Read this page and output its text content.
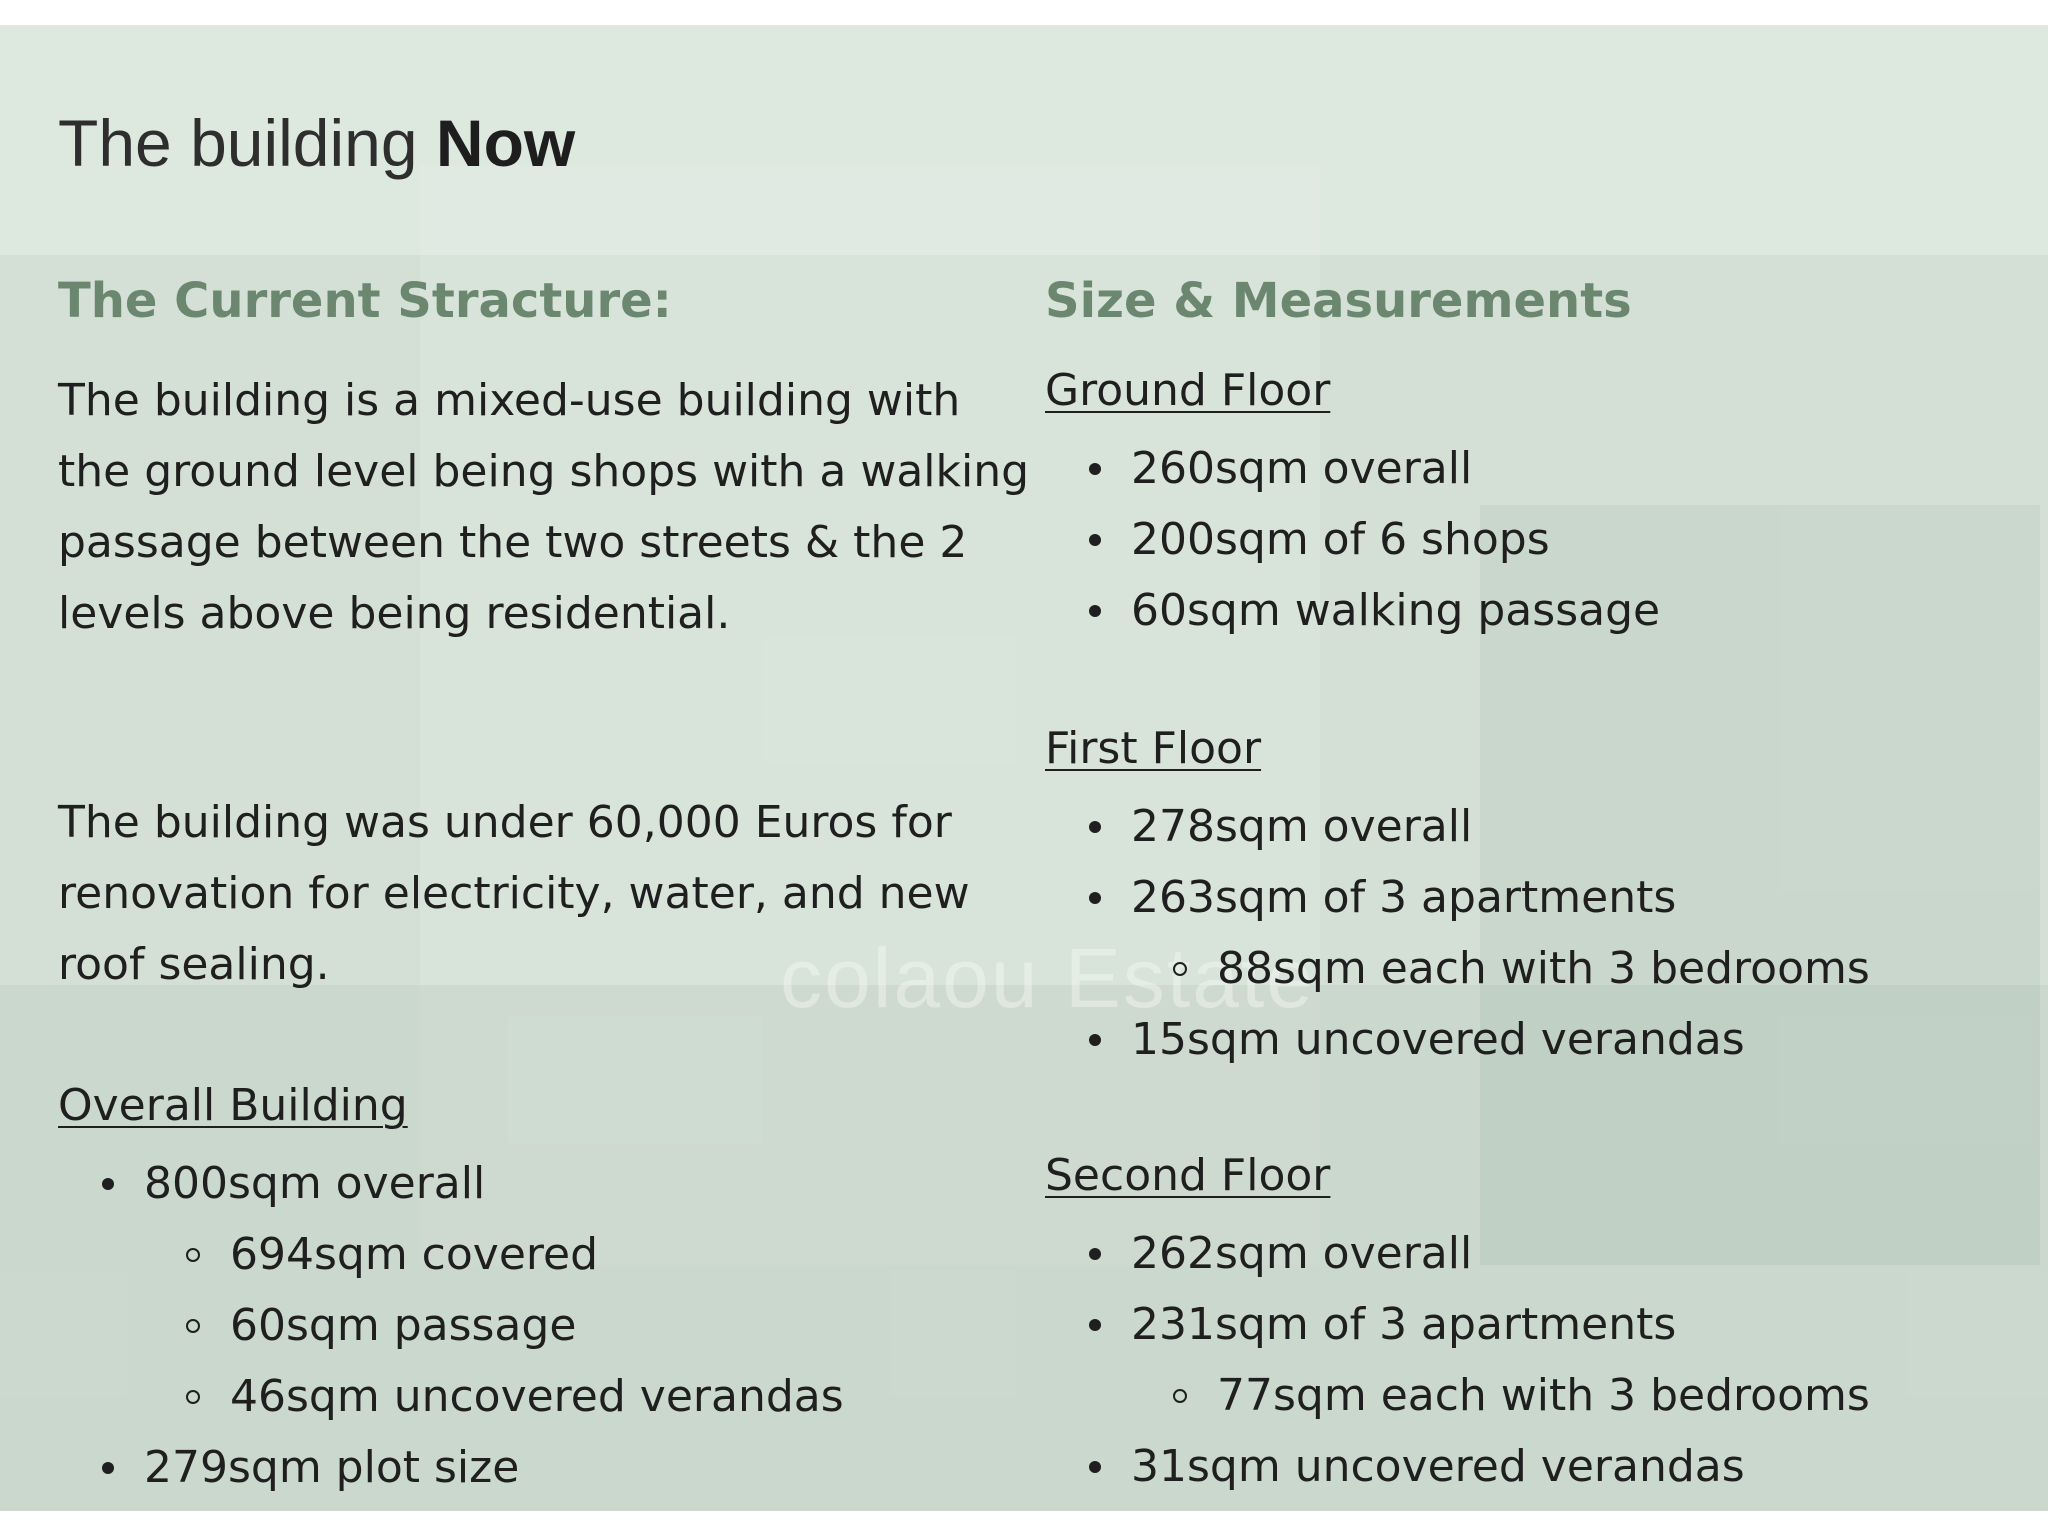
colaou Estate
The building Now
The Current Stracture:
The building is a mixed-use building with the ground level being shops with a walking passage between the two streets & the 2 levels above being residential.
The building was under 60,000 Euros for renovation for electricity, water, and new roof sealing.
Overall Building
800sqm overall
694sqm covered
60sqm passage
46sqm uncovered verandas
279sqm plot size
Size & Measurements
Ground Floor
260sqm overall
200sqm of 6 shops
60sqm walking passage
First Floor
278sqm overall
263sqm of 3 apartments
88sqm each with 3 bedrooms
15sqm uncovered verandas
Second Floor
262sqm overall
231sqm of 3 apartments
77sqm each with 3 bedrooms
31sqm uncovered verandas
